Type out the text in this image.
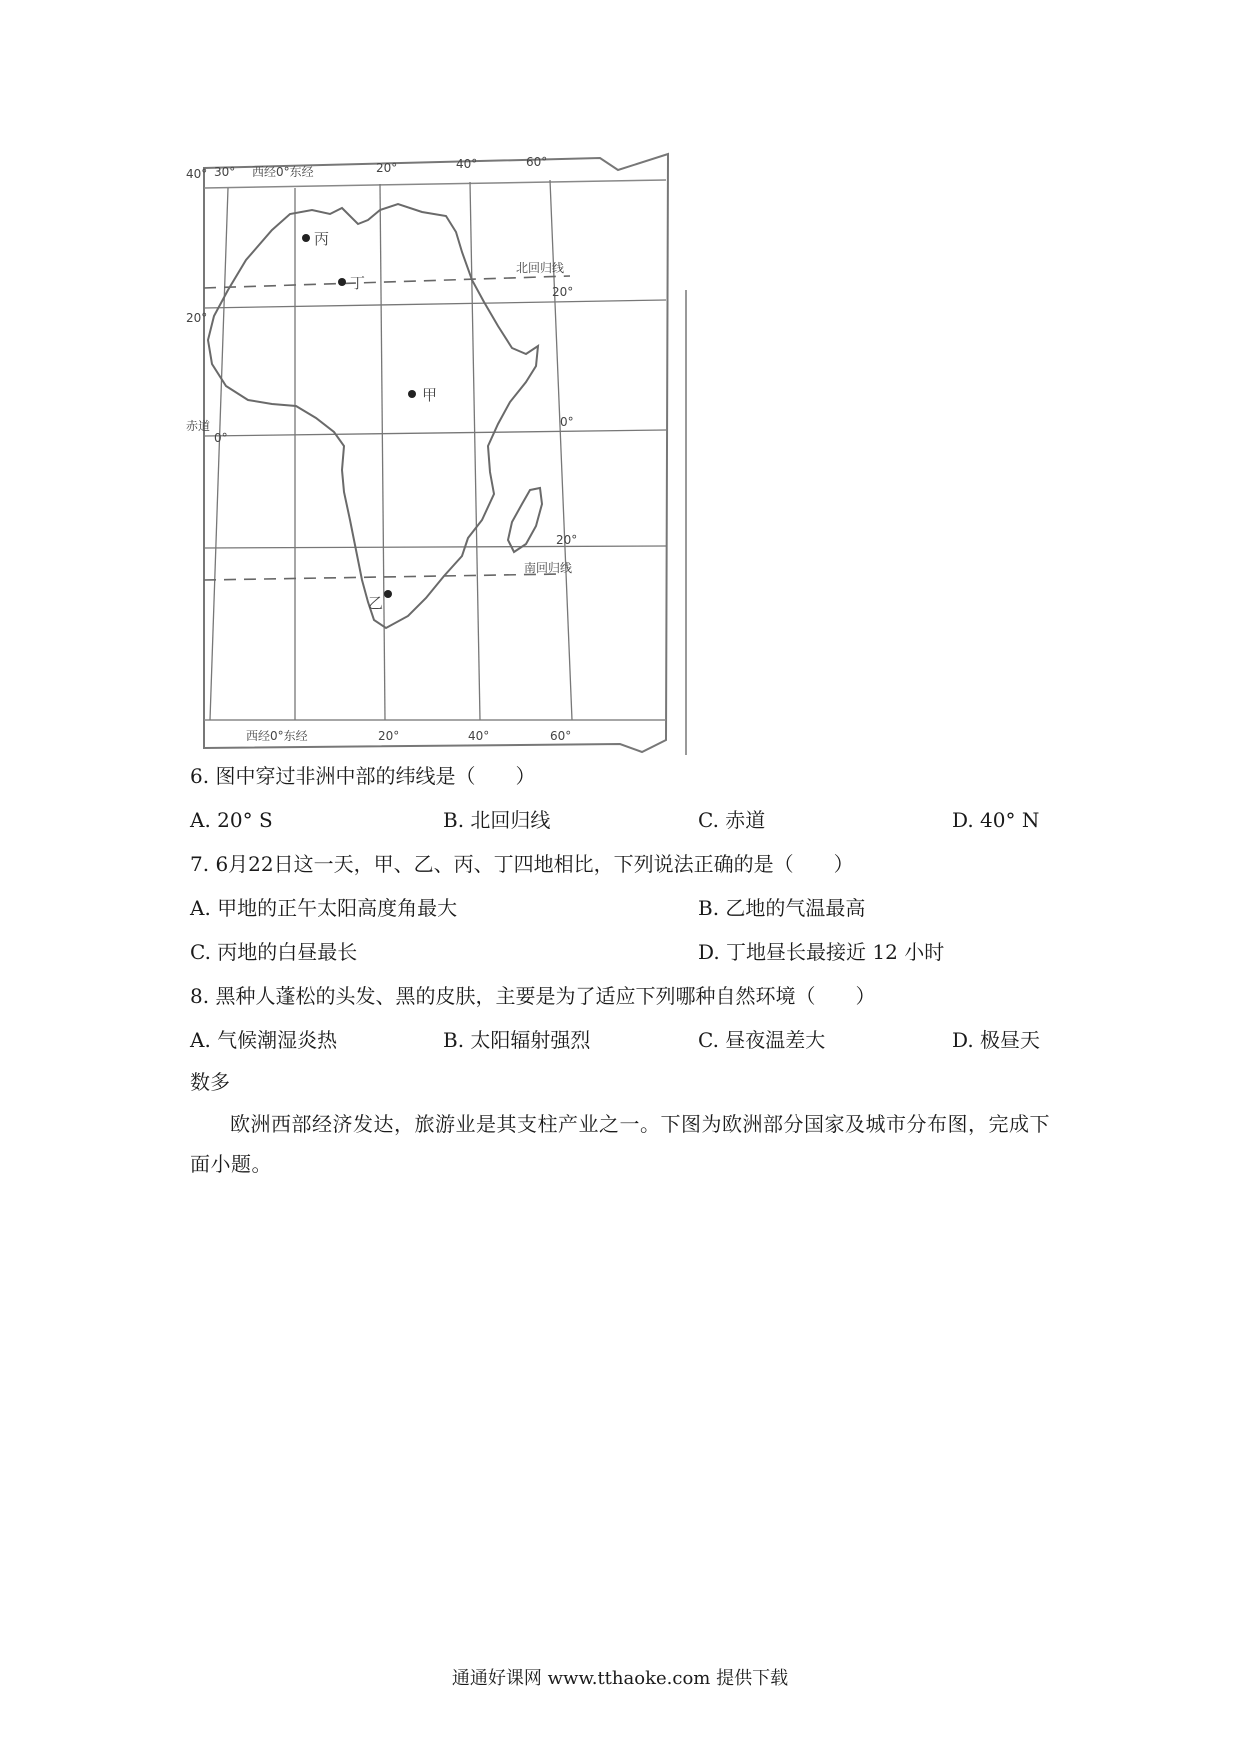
丙
丁
甲
乙
40° 30° 西经0°东经	20°	40°	60°
西经0°东经	20°	40°	60°
20°
0°
20°
20°
北回归线
赤道
0°
南回归线
6. 图中穿过非洲中部的纬线是（　　）
A. 20° S	B. 北回归线	C. 赤道	D. 40° N
7. 6月22日这一天，甲、乙、丙、丁四地相比，下列说法正确的是（　　）
A. 甲地的正午太阳高度角最大	B. 乙地的气温最高
C. 丙地的白昼最长	D. 丁地昼长最接近 12 小时
8. 黑种人蓬松的头发、黑的皮肤，主要是为了适应下列哪种自然环境（　　）
A. 气候潮湿炎热	B. 太阳辐射强烈	C. 昼夜温差大	D. 极昼天
数多
欧洲西部经济发达，旅游业是其支柱产业之一。下图为欧洲部分国家及城市分布图，完成下面小题。
通通好课网 www.tthaoke.com 提供下载
